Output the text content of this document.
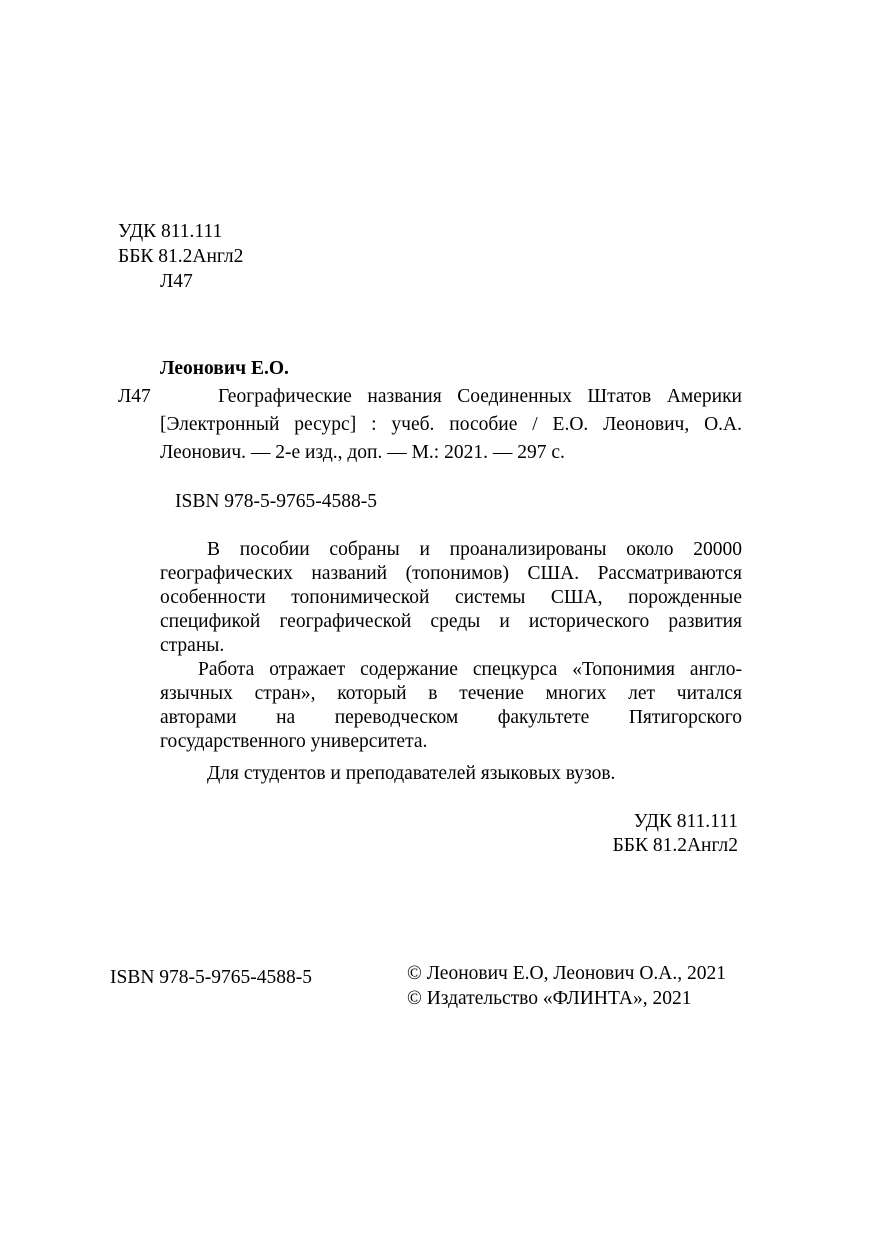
УДК 811.111
ББК 81.2Англ2
Л47
Леонович Е.О.
Л47	Географические названия Соединенных Штатов Америки

[Электронный ресурс] : учеб. пособие / Е.О. Леонович, О.А.

Леонович. — 2-е изд., доп. — М.: 2021. — 297 с.

ISBN 978-5-9765-4588-5

В пособии собраны и проанализированы около 20000

географических названий (топонимов) США. Рассматриваются

особенности топонимической системы США, порожденные

спецификой географической среды и исторического развития

страны.

Работа отражает содержание спецкурса «Топонимия англо-

язычных стран», который в течение многих лет читался

авторами на переводческом факультете Пятигорского

государственного университета.

Для студентов и преподавателей языковых вузов.
УДК 811.111
ББК 81.2Англ2
ISBN 978-5-9765-4588-5	© Леонович Е.О, Леонович О.А., 2021
© Издательство «ФЛИНТА», 2021
